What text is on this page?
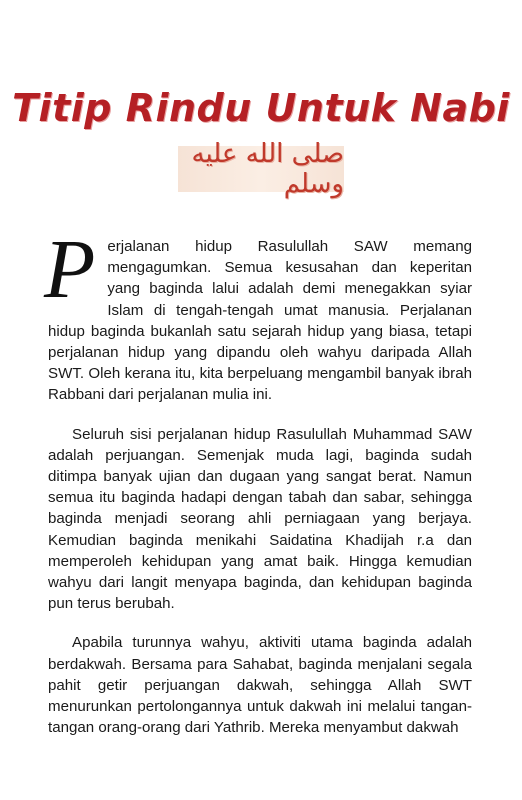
Titip Rindu Untuk Nabi
صلى الله عليه وسلم

P erjalanan hidup Rasulullah SAW memang mengagumkan. Semua kesusahan dan keperitan yang baginda lalui adalah demi menegakkan syiar Islam di tengah-tengah umat manusia. Perjalanan hidup baginda bukanlah satu sejarah hidup yang biasa, tetapi perjalanan hidup yang dipandu oleh wahyu daripada Allah SWT. Oleh kerana itu, kita berpeluang mengambil banyak ibrah Rabbani dari perjalanan mulia ini.

Seluruh sisi perjalanan hidup Rasulullah Muhammad SAW adalah perjuangan. Semenjak muda lagi, baginda sudah ditimpa banyak ujian dan dugaan yang sangat berat. Namun semua itu baginda hadapi dengan tabah dan sabar, sehingga baginda menjadi seorang ahli perniagaan yang berjaya. Kemudian baginda menikahi Saidatina Khadijah r.a dan memperoleh kehidupan yang amat baik. Hingga kemudian wahyu dari langit menyapa baginda, dan kehidupan baginda pun terus berubah.

Apabila turunnya wahyu, aktiviti utama baginda adalah berdakwah. Bersama para Sahabat, baginda menjalani segala pahit getir perjuangan dakwah, sehingga Allah SWT menurunkan pertolongannya untuk dakwah ini melalui tangan-tangan orang-orang dari Yathrib. Mereka menyambut dakwah
